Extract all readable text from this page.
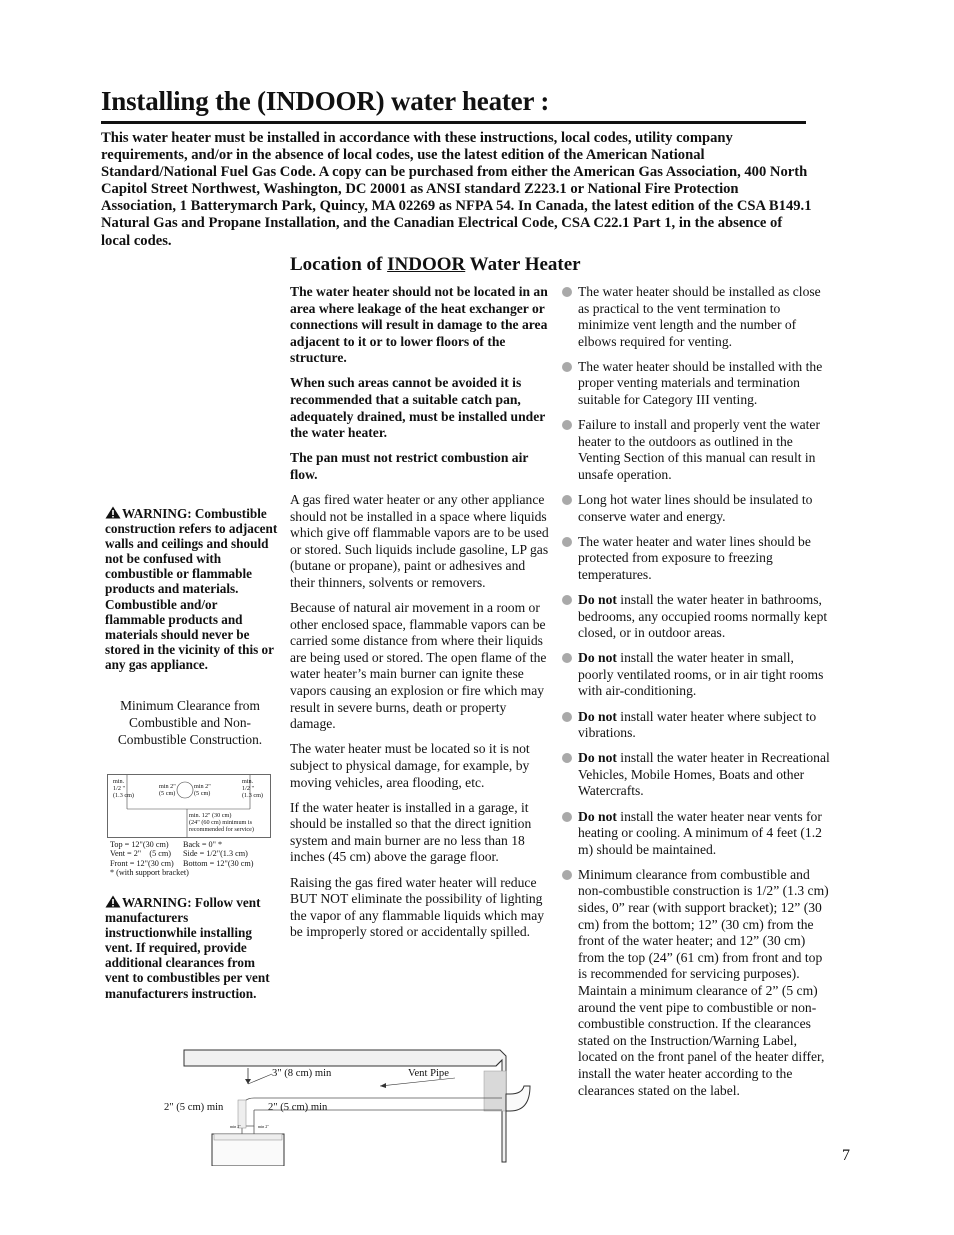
Installing the (INDOOR) water heater :
This water heater must be installed in accordance with these instructions, local codes, utility company requirements, and/or in the absence of local codes, use the latest edition of the American National Standard/National Fuel Gas Code. A copy can be purchased from either the American Gas Association, 400 North Capitol Street Northwest, Washington, DC 20001 as ANSI standard Z223.1 or National Fire Protection Association, 1 Batterymarch Park, Quincy, MA 02269 as NFPA 54. In Canada, the latest edition of the CSA B149.1 Natural Gas and Propane Installation, and the Canadian Electrical Code, CSA C22.1 Part 1, in the absence of local codes.
Location of INDOOR Water Heater

The water heater should not be located in an area where leakage of the heat exchanger or connections will result in damage to the area adjacent to it or to lower floors of the structure.

When such areas cannot be avoided it is recommended that a suitable catch pan, adequately drained, must be installed under the water heater.

The pan must not restrict combustion air flow.

A gas fired water heater or any other appliance should not be installed in a space where liquids which give off flammable vapors are to be used or stored. Such liquids include gasoline, LP gas (butane or propane), paint or adhesives and their thinners, solvents or removers.

Because of natural air movement in a room or other enclosed space, flammable vapors can be carried some distance from where their liquids are being used or stored. The open flame of the water heater’s main burner can ignite these vapors causing an explosion or fire which may result in severe burns, death or property damage.

The water heater must be located so it is not subject to physical damage, for example, by moving vehicles, area flooding, etc.

If the water heater is installed in a garage, it should be installed so that the direct ignition system and main burner are no less than 18 inches (45 cm) above the garage floor.

Raising the gas fired water heater will reduce BUT NOT eliminate the possibility of lighting the vapor of any flammable liquids which may be improperly stored or accidentally spilled.

The water heater should be installed as close as practical to the vent termination to minimize vent length and the number of elbows required for venting.
The water heater should be installed with the proper venting materials and termination suitable for Category III venting.
Failure to install and properly vent the water heater to the outdoors as outlined in the Venting Section of this manual can result in unsafe operation.
Long hot water lines should be insulated to conserve water and energy.
The water heater and water lines should be protected from exposure to freezing temperatures.
Do not install the water heater in bathrooms, bedrooms, any occupied rooms normally kept closed, or in outdoor areas.
Do not install the water heater in small, poorly ventilated rooms, or in air tight rooms with air-conditioning.
Do not install water heater where subject to vibrations.
Do not install the water heater in Recreational Vehicles, Mobile Homes, Boats and other Watercrafts.
Do not install the water heater near vents for heating or cooling. A minimum of 4 feet (1.2 m) should be maintained.
Minimum clearance from combustible and non-combustible construction is 1/2” (1.3 cm) sides, 0” rear (with support bracket); 12” (30 cm) from the bottom; 12” (30 cm) from the front of the water heater; and 12” (30 cm) from the top (24” (61 cm) from front and top is recommended for servicing purposes). Maintain a minimum clearance of 2” (5 cm) around the vent pipe to combustible or non-combustible construction. If the clearances stated on the Instruction/Warning Label, located on the front panel of the heater differ, install the water heater according to the clearances stated on the label.
WARNING: Combustible construction refers to adjacent walls and ceilings and should not be confused with combustible or flammable products and materials. Combustible and/or flammable products and materials should never be stored in the vicinity of this or any gas appliance.
Minimum Clearance from Combustible and Non-Combustible Construction.
min.
1/2 "
(1.3 cm)
min.
1/2 "
(1.3 cm)
min 2"
(5 cm)
min 2"
(5 cm)
min. 12" (30 cm)
(24" (60 cm) minimum is
recommended for service)
Top = 12"(30 cm)
Vent = 2" (5 cm)
Front = 12"(30 cm)
* (with support bracket)
Back = 0" *
Side = 1/2"(1.3 cm)
Bottom = 12"(30 cm)
WARNING: Follow vent manufacturers instructionwhile installing vent. If required, provide additional clearances from vent to combustibles per vent manufacturers instruction.
3" (8 cm) min	Vent Pipe
2" (5 cm) min	2" (5 cm) min
min 2"	min 2"
7
